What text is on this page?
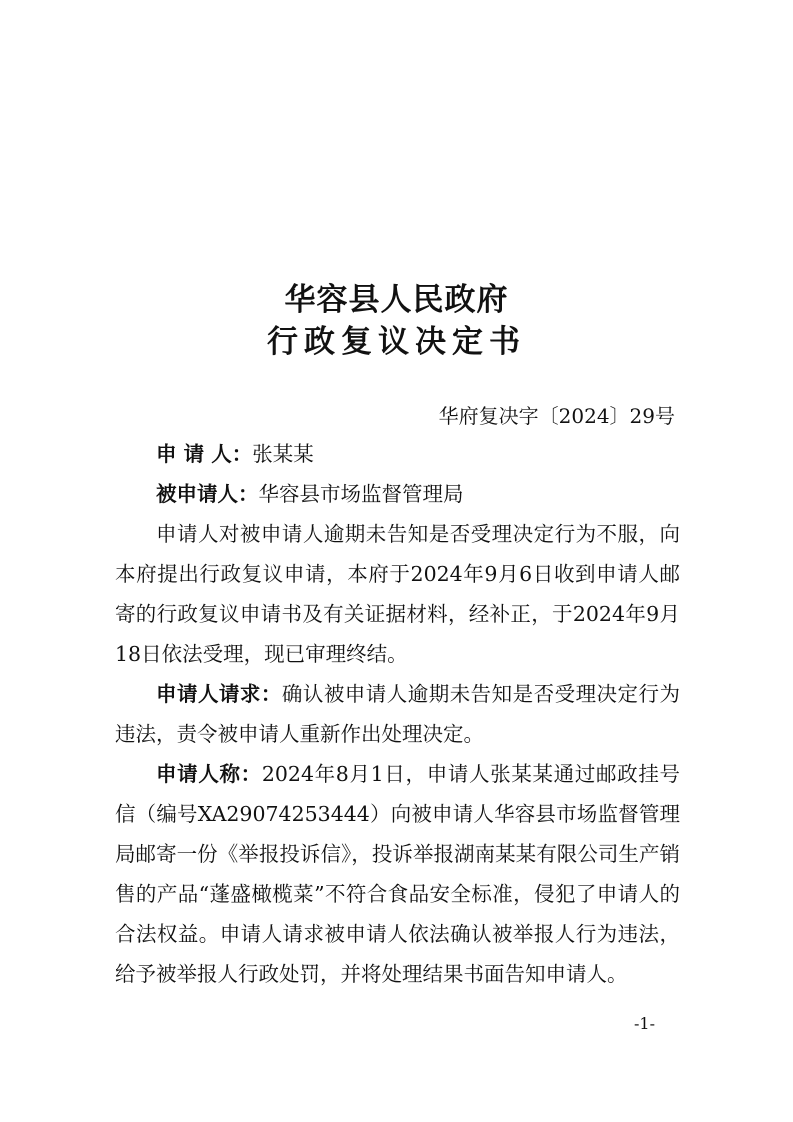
华容县人民政府
行政复议决定书

华府复决字〔2024〕29号

申 请 人：张某某

被申请人：华容县市场监督管理局

申请人对被申请人逾期未告知是否受理决定行为不服，向本府提出行政复议申请，本府于2024年9月6日收到申请人邮寄的行政复议申请书及有关证据材料，经补正，于2024年9月18日依法受理，现已审理终结。

申请人请求：确认被申请人逾期未告知是否受理决定行为违法，责令被申请人重新作出处理决定。

申请人称：2024年8月1日，申请人张某某通过邮政挂号信（编号XA29074253444）向被申请人华容县市场监督管理局邮寄一份《举报投诉信》，投诉举报湖南某某有限公司生产销售的产品“蓬盛橄榄菜”不符合食品安全标准，侵犯了申请人的合法权益。申请人请求被申请人依法确认被举报人行为违法，给予被举报人行政处罚，并将处理结果书面告知申请人。

-1-
